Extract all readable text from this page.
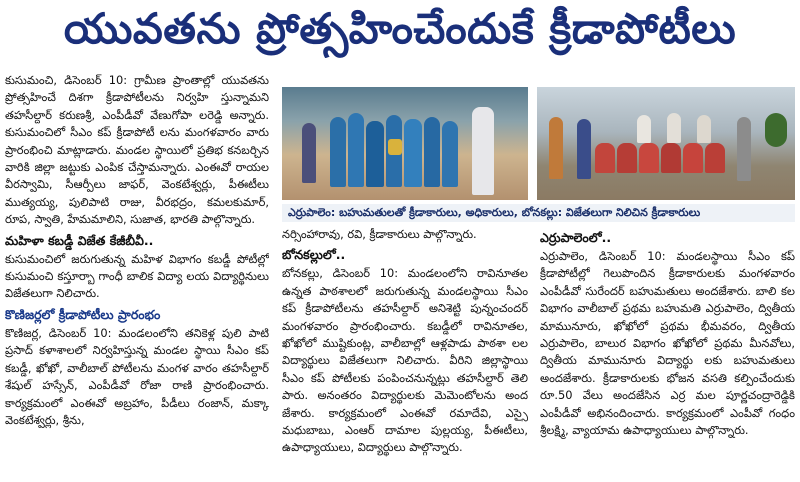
యువతను ప్రోత్సహించేందుకే క్రీడాపోటీలు

కుసుమంచి, డిసెంబర్ 10: గ్రామీణ ప్రాంతాల్లో యువతను ప్రోత్సహించే దిశగా క్రీడాపోటీలను నిర్వహి స్తున్నామని తహసీల్దార్ కరుణశ్రీ, ఎంపీడీవో వేణుగోపా లరెడ్డి అన్నారు. కుసుమంచిలో సీఎం కప్ క్రీడాపోటీ లను మంగళవారం వారు ప్రారంభించి మాట్లాడారు. మండల స్థాయిలో ప్రతిభ కనబర్చిన వారికి జిల్లా జట్టుకు ఎంపిక చేస్తామన్నారు. ఎంఈవో రాయల వీరస్వామి, సీఆర్పీలు జాఫర్, వెంకటేశ్వర్లు, పీఈటీలు ముత్యయ్య, పులిపాటి రాజు, వీరభద్రం, కమలకుమార్, రూప, స్వాతి, హేమమాలిని, సుజాత, భారతి పాల్గొన్నారు.

మహిళా కబడ్డీ విజేత కేజీబీవీ..

కుసుమంచిలో జరుగుతున్న మహిళ విభాగం కబడ్డీ పోటీల్లో కుసుమంచి కస్తూర్బా గాంధీ బాలిక విద్యా లయ విద్యార్థినులు విజేతలుగా నిలిచారు.

కొణిజర్లలో క్రీడాపోటీలు ప్రారంభం

కొణిజర్ల, డిసెంబర్ 10: మండలంలోని తనికెళ్ల పులి పాటి ప్రసాద్ కళాశాలలో నిర్వహిస్తున్న మండల స్థాయి సీఎం కప్ కబడ్డీ, ఖోఖో, వాలీబాల్ పోటీలను మంగళ వారం తహసీల్దార్ శేషుల్ హస్సేన్, ఎంపీడీవో రోజా రాణి ప్రారంభించారు. కార్యక్రమంలో ఎంఈవో అబ్రహాం, పీడీలు రంజాన్, మక్కా వెంకటేశ్వర్లు, శ్రీను,

ఎర్రుపాలెం: బహుమతులతో క్రీడాకారులు, అధికారులు, బోనకల్లు: విజేతలుగా నిలిచిన క్రీడాకారులు

నర్సింహారావు, రవి, క్రీడాకారులు పాల్గొన్నారు.

బోనకల్లులో..

బోనకల్లు, డిసెంబర్ 10: మండలంలోని రావినూతల ఉన్నత పాఠశాలలో జరుగుతున్న మండలస్థాయి సీఎం కప్ క్రీడాపోటీలను తహసీల్దార్ అనిశెట్టి పున్నంచందర్ మంగళవారం ప్రారంభించారు. కబడ్డీలో రావినూతల, ఖోఖోలో ముష్టికుంట్ల, వాలీబాల్లో ఆళ్లపాడు పాఠశా లల విద్యార్థులు విజేతలుగా నిలిచారు. వీరిని జిల్లాస్థాయి సీఎం కప్ పోటీలకు పంపించనున్నట్లు తహసీల్దార్ తెలి పారు. అనంతరం విద్యార్థులకు మెమెంటోలను అంద జేశారు. కార్యక్రమంలో ఎంఈవో రమాదేవి, ఎస్సై మధుబాబు, ఎంఆర్ దామాల పుల్లయ్య, పీఈటీలు, ఉపాధ్యాయులు, విద్యార్థులు పాల్గొన్నారు.

ఎర్రుపాలెంలో..

ఎర్రుపాలెం, డిసెంబర్ 10: మండలస్థాయి సీఎం కప్ క్రీడాపోటీల్లో గెలుపొందిన క్రీడాకారులకు మంగళవారం ఎంపీడీవో సురేందర్ బహుమతులు అందజేశారు. బాలి కల విభాగం వాలీబాల్ ప్రథమ బహుమతి ఎర్రుపాలెం, ద్వితీయ మామునూరు, ఖోఖోలో ప్రథమ భీమవరం, ద్వితీయ ఎర్రుపాలెం, బాలుర విభాగం ఖోఖోలో ప్రథమ మీనవోలు, ద్వితీయ మామునూరు విద్యార్థు లకు బహుమతులు అందజేశారు. క్రీడాకారులకు భోజన వసతి కల్పించేందుకు రూ.50 వేలు అందజేసిన ఎర్ర మల పూర్ణచంద్రారెడ్డికి ఎంపీడీవో అభినందించారు. కార్యక్రమంలో ఎంపీవో గంధం శ్రీలక్ష్మి, వ్యాయామ ఉపాధ్యాయులు పాల్గొన్నారు.
